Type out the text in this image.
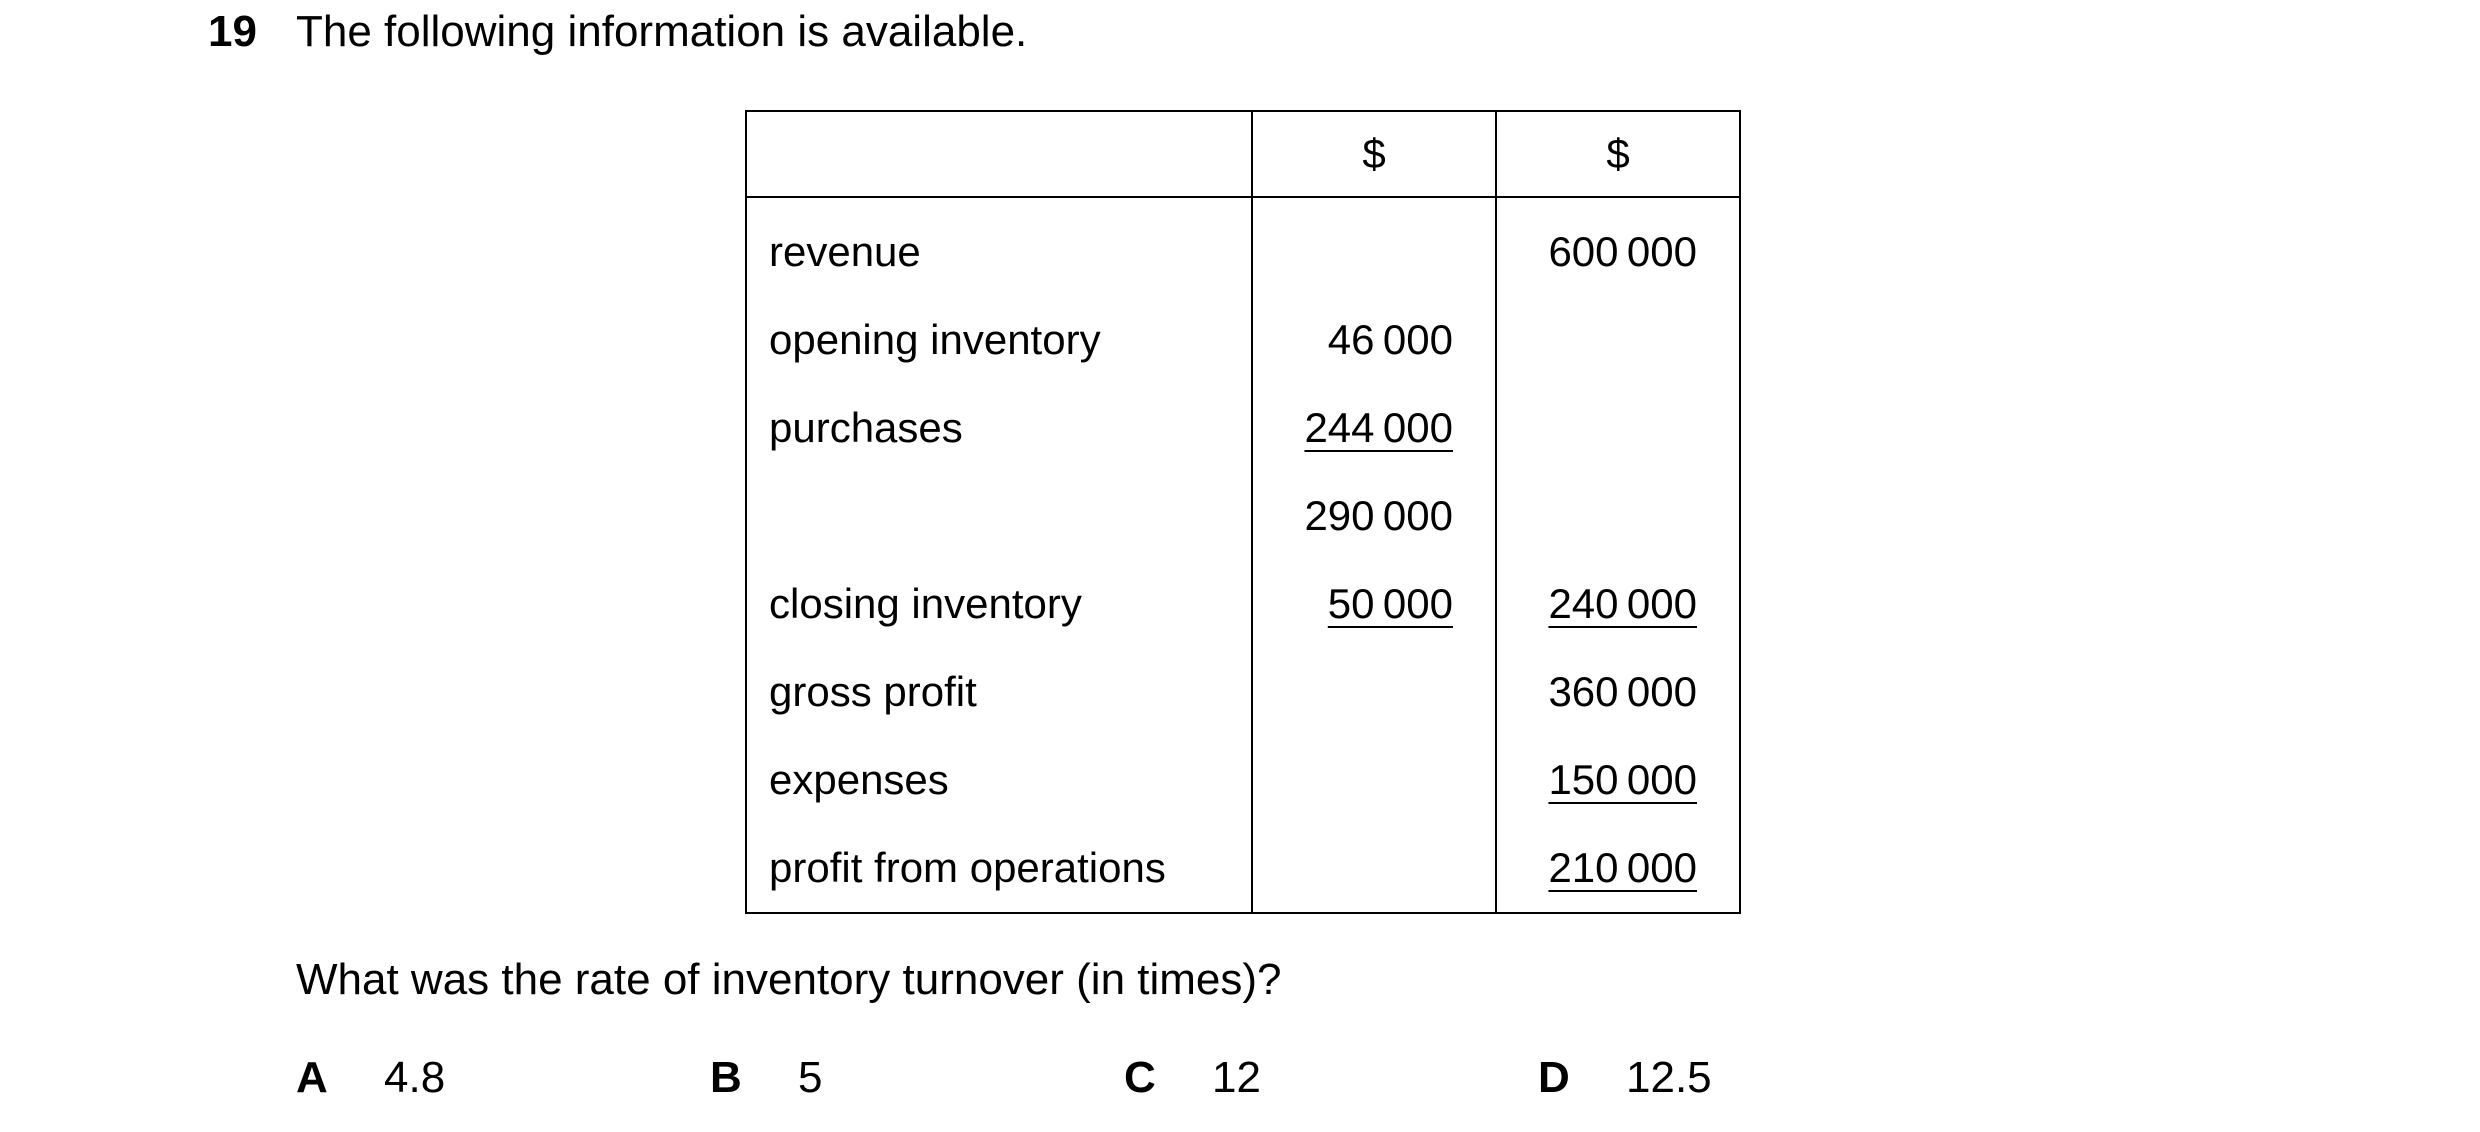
19 The following information is available.
	$	$
revenue		600 000
opening inventory	46 000	
purchases	244 000	
	290 000	
closing inventory	50 000	240 000
gross profit		360 000
expenses		150 000
profit from operations		210 000
What was the rate of inventory turnover (in times)?
A 4.8	B 5	C 12	D 12.5
